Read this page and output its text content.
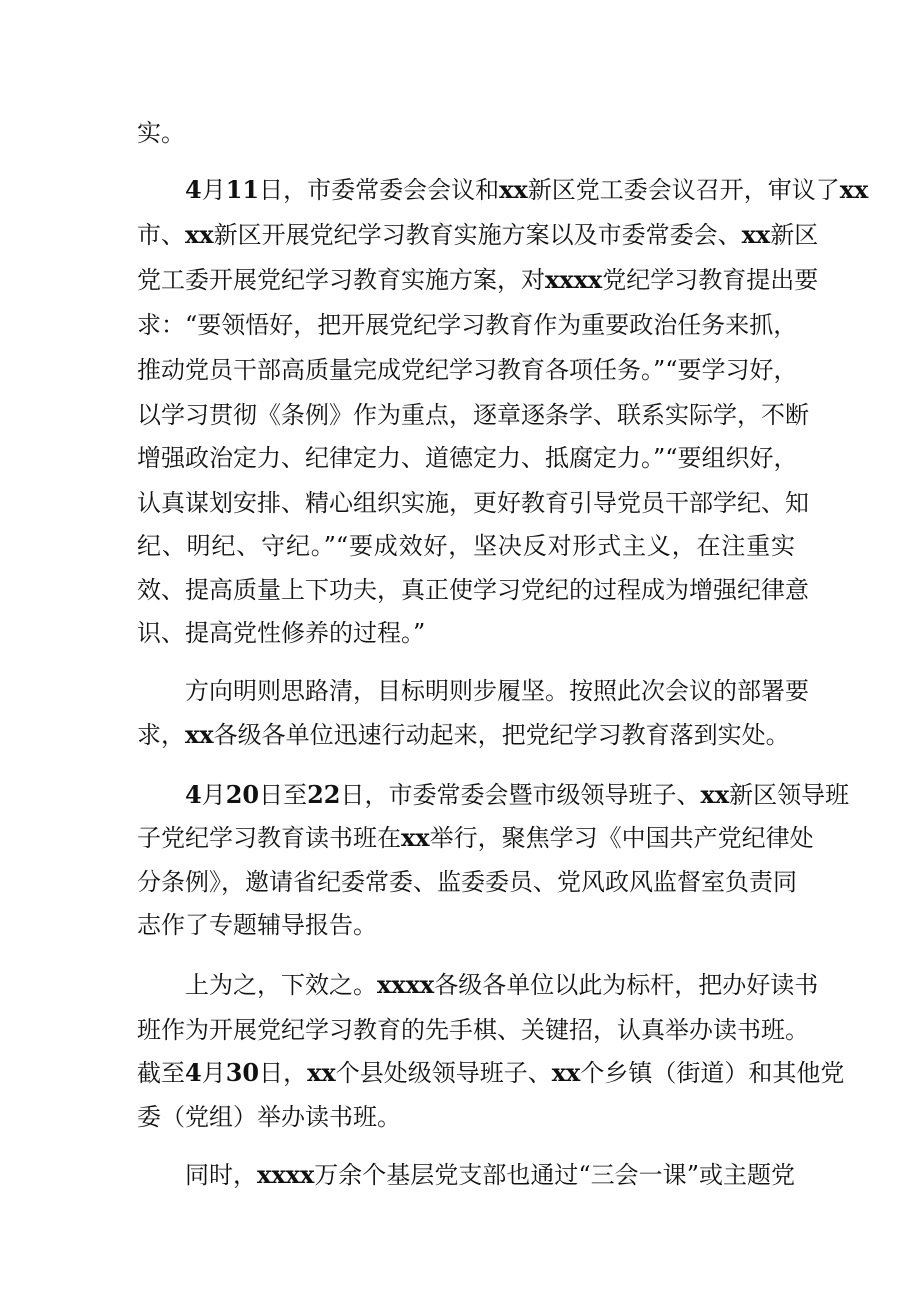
实。
4月11日，市委常委会会议和xx新区党工委会议召开，审议了xx
市、xx新区开展党纪学习教育实施方案以及市委常委会、xx新区
党工委开展党纪学习教育实施方案，对xxxx党纪学习教育提出要
求：“要领悟好，把开展党纪学习教育作为重要政治任务来抓，
推动党员干部高质量完成党纪学习教育各项任务。”“要学习好，
以学习贯彻《条例》作为重点，逐章逐条学、联系实际学，不断
增强政治定力、纪律定力、道德定力、抵腐定力。”“要组织好，
认真谋划安排、精心组织实施，更好教育引导党员干部学纪、知
纪、明纪、守纪。”“要成效好，坚决反对形式主义，在注重实
效、提高质量上下功夫，真正使学习党纪的过程成为增强纪律意
识、提高党性修养的过程。”
方向明则思路清，目标明则步履坚。按照此次会议的部署要
求，xx各级各单位迅速行动起来，把党纪学习教育落到实处。
4月20日至22日，市委常委会暨市级领导班子、xx新区领导班
子党纪学习教育读书班在xx举行，聚焦学习《中国共产党纪律处
分条例》，邀请省纪委常委、监委委员、党风政风监督室负责同
志作了专题辅导报告。
上为之，下效之。xxxx各级各单位以此为标杆，把办好读书
班作为开展党纪学习教育的先手棋、关键招，认真举办读书班。
截至4月30日，xx个县处级领导班子、xx个乡镇（街道）和其他党
委（党组）举办读书班。
同时，xxxx万余个基层党支部也通过“三会一课”或主题党
